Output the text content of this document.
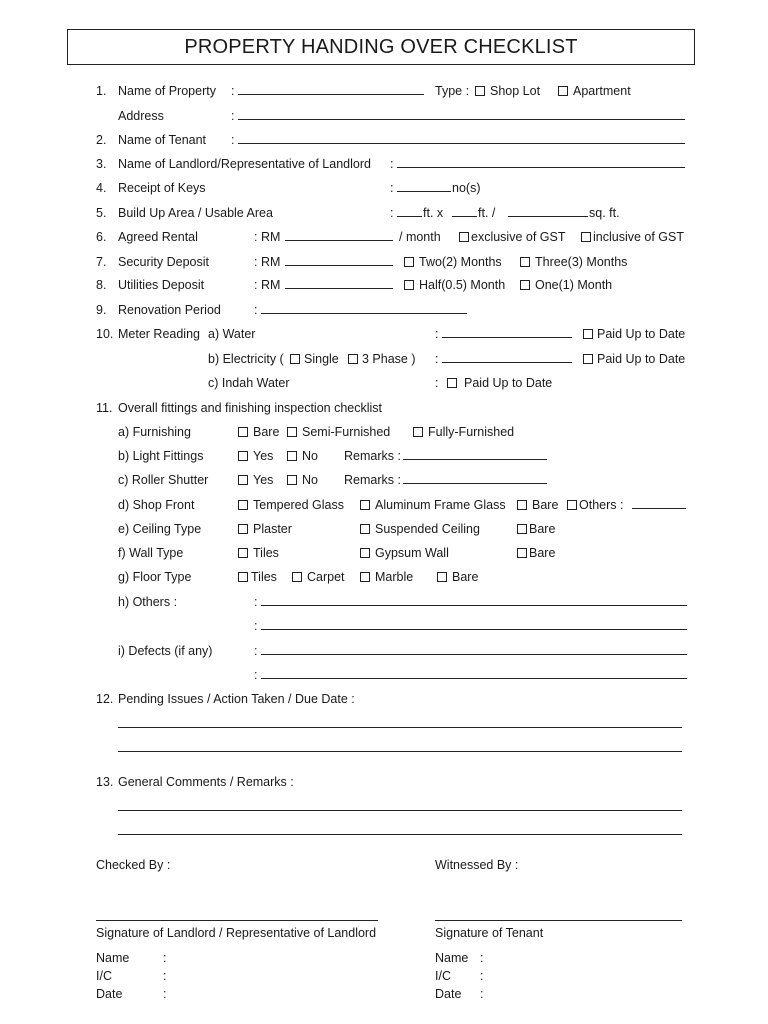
PROPERTY HANDING OVER CHECKLIST
1. Name of Property :	Type :	Shop Lot	Apartment
Address	:
2. Name of Tenant :
3. Name of Landlord/Representative of Landlord :
4. Receipt of Keys	:	no(s)
5. Build Up Area / Usable Area	: ft. x	ft. /	sq. ft.
6. Agreed Rental	: RM	/ month	exclusive of GST	inclusive of GST
7. Security Deposit	: RM	Two(2) Months	Three(3) Months
8. Utilities Deposit	: RM	Half(0.5) Month	One(1) Month
9. Renovation Period	:
10. Meter Reading a) Water	:	Paid Up to Date
b) Electricity (	Single	3 Phase ) :	Paid Up to Date
c) Indah Water	:	Paid Up to Date
11. Overall fittings and finishing inspection checklist
a) Furnishing	Bare	Semi-Furnished	Fully-Furnished
b) Light Fittings	Yes	No Remarks :
c) Roller Shutter	Yes	No Remarks :
d) Shop Front	Tempered Glass	Aluminum Frame Glass	Bare	Others :
e) Ceiling Type	Plaster	Suspended Ceiling	Bare
f) Wall Type	Tiles	Gypsum Wall	Bare
g) Floor Type	Tiles	Carpet	Marble	Bare
h) Others :	:
:
i) Defects (if any)	:
:
12. Pending Issues / Action Taken / Due Date :
13. General Comments / Remarks :
Checked By :	Witnessed By :
Signature of Landlord / Representative of Landlord	Signature of Tenant
Name	:
I/C	:
Date	:
Name :
I/C :
Date :
